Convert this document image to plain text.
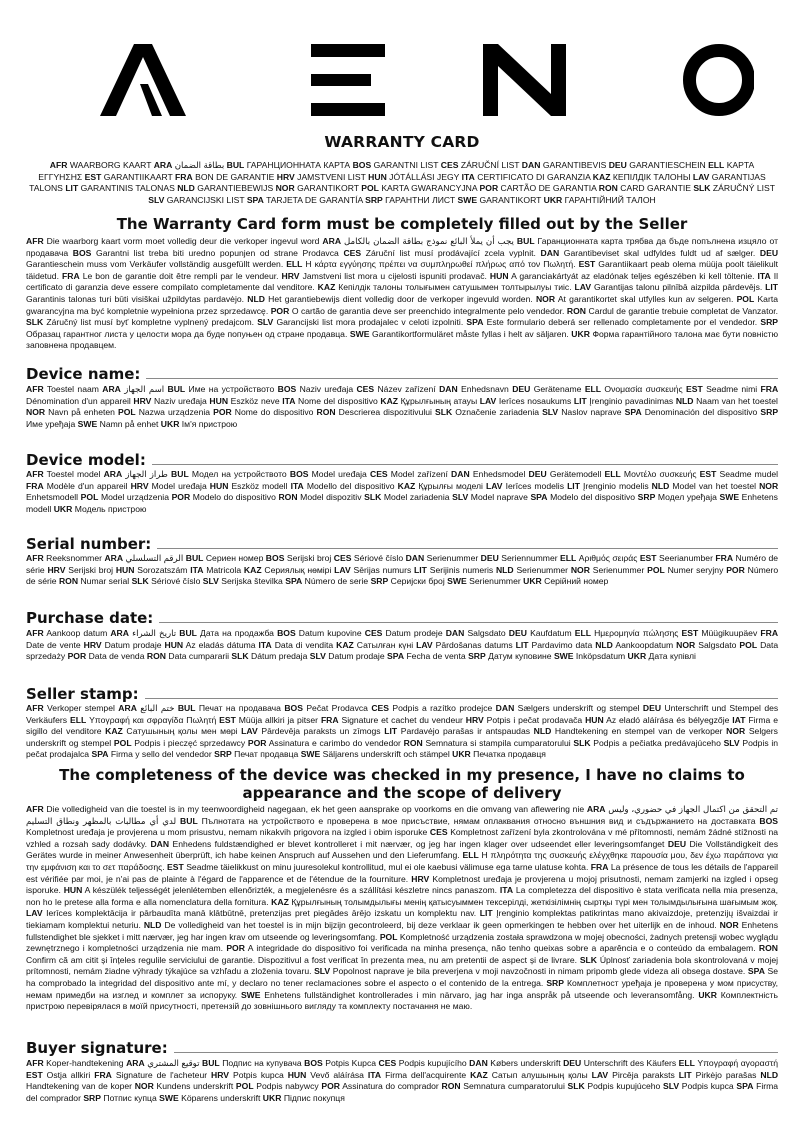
WARRANTY CARD
AFR WAARBORG KAART ARA بطاقة الضمان BUL ГАРАНЦИОННАТА КАРТА BOS GARANTNI LIST CES ZÁRUČNÍ LIST DAN GARANTIBEVIS DEU GARANTIESCHEIN ELL ΚΑΡΤΑ ΕΓΓΥΗΣΗΣ EST GARANTIIKAART FRA BON DE GARANTIE HRV JAMSTVENI LIST HUN JÓTÁLLÁSI JEGY ITA CERTIFICATO DI GARANZIA KAZ КЕПІЛДІК ТАЛОНЫ LAV GARANTIJAS TALONS LIT GARANTINIS TALONAS NLD GARANTIEBEWIJS NOR GARANTIKORT POL KARTA GWARANCYJNA POR CARTÃO DE GARANTIA RON CARD GARANTIE SLK ZÁRUČNÝ LIST SLV GARANCIJSKI LIST SPA TARJETA DE GARANTÍA SRP ГАРАНТНИ ЛИСТ SWE GARANTIKORT UKR ГАРАНТІЙНИЙ ТАЛОН
The Warranty Card form must be completely filled out by the Seller
AFR Die waarborg kaart vorm moet volledig deur die verkoper ingevul word ARA يجب أن يملأ البائع نموذج بطاقة الضمان بالكامل BUL Гаранционната карта трябва да бъде попълнена изцяло от продавача BOS Garantni list treba biti uredno popunjen od strane Prodavca CES Záruční list musí prodávající zcela vyplnit. DAN Garantibeviset skal udfyldes fuldt ud af sælger. DEU Garantieschein muss vom Verkäufer vollständig ausgefüllt werden. ELL Η κάρτα εγγύησης πρέπει να συμπληρωθεί πλήρως από τον Πωλητή. EST Garantiikaart peab olema müüja poolt täielikult täidetud. FRA Le bon de garantie doit être rempli par le vendeur. HRV Jamstveni list mora u cijelosti ispuniti prodavač. HUN A garanciakártyát az eladónak teljes egészében ki kell töltenie. ITA Il certificato di garanzia deve essere compilato completamente dal venditore. KAZ Кепілдік талоны толығымен сатушымен толтырылуы тиіс. LAV Garantijas talonu pilnībā aizpilda pārdevējs. LIT Garantinis talonas turi būti visiškai užpildytas pardavėjo. NLD Het garantiebewijs dient volledig door de verkoper ingevuld worden. NOR At garantikortet skal utfylles kun av selgeren. POL Karta gwarancyjna ma być kompletnie wypełniona przez sprzedawcę. POR O cartão de garantia deve ser preenchido integralmente pelo vendedor. RON Cardul de garantie trebuie completat de Vanzator. SLK Záručný list musí byť kompletne vyplnený predajcom. SLV Garancijski list mora prodajalec v celoti izpolniti. SPA Este formulario deberá ser rellenado completamente por el vendedor. SRP Образац гарантног листа у целости мора да буде попуњен од стране продавца. SWE Garantikortformuläret måste fyllas i helt av säljaren. UKR Форма гарантійного талона має бути повністю заповнена продавцем.
Device name:
AFR Toestel naam ARA اسم الجهاز BUL Име на устройството BOS Naziv uređaja CES Název zařízení DAN Enhedsnavn DEU Gerätename ELL Ονομασία συσκευής EST Seadme nimi FRA Dénomination d'un appareil HRV Naziv uređaja HUN Eszköz neve ITA Nome del dispositivo KAZ Құрылғының атауы LAV Ierīces nosaukums LIT Įrenginio pavadinimas NLD Naam van het toestel NOR Navn på enheten POL Nazwa urządzenia POR Nome do dispositivo RON Descrierea dispozitivului SLK Označenie zariadenia SLV Naslov naprave SPA Denominación del dispositivo SRP Име уређаја SWE Namn på enhet UKR Ім'я пристрою
Device model:
AFR Toestel model ARA طراز الجهاز BUL Модел на устройството BOS Model uređaja CES Model zařízení DAN Enhedsmodel DEU Gerätemodell ELL Μοντέλο συσκευής EST Seadme mudel FRA Modèle d'un appareil HRV Model uređaja HUN Eszköz modell ITA Modello del dispositivo KAZ Құрылғы моделі LAV Ierīces modelis LIT Įrenginio modelis NLD Model van het toestel NOR Enhetsmodell POL Model urządzenia POR Modelo do dispositivo RON Model dispozitiv SLK Model zariadenia SLV Model naprave SPA Modelo del dispositivo SRP Модел уређаја SWE Enhetens modell UKR Модель пристрою
Serial number:
AFR Reeksnommer ARA الرقم التسلسلي BUL Сериен номер BOS Serijski broj CES Sériové číslo DAN Serienummer DEU Seriennummer ELL Αριθμός σειράς EST Seerianumber FRA Numéro de série HRV Serijski broj HUN Sorozatszám ITA Matricola KAZ Сериялық нөмірі LAV Sērijas numurs LIT Serijinis numeris NLD Serienummer NOR Serienummer POL Numer seryjny POR Número de série RON Numar serial SLK Sériové číslo SLV Serijska številka SPA Número de serie SRP Серијски број SWE Serienummer UKR Серійний номер
Purchase date:
AFR Aankoop datum ARA تاريخ الشراء BUL Дата на продажба BOS Datum kupovine CES Datum prodeje DAN Salgsdato DEU Kaufdatum ELL Ημερομηνία πώλησης EST Müügikuupäev FRA Date de vente HRV Datum prodaje HUN Az eladás dátuma ITA Data di vendita KAZ Сатылған күні LAV Pārdošanas datums LIT Pardavimo data NLD Aankoopdatum NOR Salgsdato POL Data sprzedaży POR Data de venda RON Data cumpararii SLK Dátum predaja SLV Datum prodaje SPA Fecha de venta SRP Датум куповине SWE Inköpsdatum UKR Дата купівлі
Seller stamp:
AFR Verkoper stempel ARA ختم البائع BUL Печат на продавача BOS Pečat Prodavca CES Podpis a razítko prodejce DAN Sælgers underskrift og stempel DEU Unterschrift und Stempel des Verkäufers ELL Υπογραφή και σφραγίδα Πωλητή EST Müüja allkiri ja pitser FRA Signature et cachet du vendeur HRV Potpis i pečat prodavača HUN Az eladó aláírása és bélyegzője IAT Firma e sigillo del venditore KAZ Сатушының қолы мен мөрі LAV Pārdevēja paraksts un zīmogs LIT Pardavėjo parašas ir antspaudas NLD Handtekening en stempel van de verkoper NOR Selgers underskrift og stempel POL Podpis i pieczęć sprzedawcy POR Assinatura e carimbo do vendedor RON Semnatura si stampila cumparatorului SLK Podpis a pečiatka predávajúceho SLV Podpis in pečat prodajalca SPA Firma y sello del vendedor SRP Печат продавца SWE Säljarens underskrift och stämpel UKR Печатка продавця
The completeness of the device was checked in my presence, I have no claims to appearance and the scope of delivery
AFR Die volledigheid van die toestel is in my teenwoordigheid nagegaan, ek het geen aansprake op voorkoms en die omvang van aflewering nie ARA تم التحقق من اكتمال الجهاز في حضوري، وليس لدي أي مطالبات بالمظهر ونطاق التسليم BUL Пълнотата на устройството е проверена в мое присъствие, нямам оплаквания относно външния вид и съдържанието на доставката BOS Kompletnost uređaja je provjerena u mom prisustvu, nemam nikakvih prigovora na izgled i obim isporuke CES Kompletnost zařízení byla zkontrolována v mé přítomnosti, nemám žádné stížnosti na vzhled a rozsah sady dodávky. DAN Enhedens fuldstændighed er blevet kontrolleret i mit nærvær, og jeg har ingen klager over udseendet eller leveringsomfanget DEU Die Vollständigkeit des Gerätes wurde in meiner Anwesenheit überprüft, ich habe keinen Anspruch auf Aussehen und den Lieferumfang. ELL Η πληρότητα της συσκευής ελέγχθηκε παρουσία μου, δεν έχω παράπονα για την εμφάνιση και το σετ παράδοσης. EST Seadme täielikkust on minu juuresolekul kontrollitud, mul ei ole kaebusi välimuse ega tarne ulatuse kohta. FRA La présence de tous les détails de l'appareil est vérifiée par moi, je n'ai pas de plainte à l'égard de l'apparence et de l'étendue de la fourniture. HRV Kompletnost uređaja je provjerena u mojoj prisutnosti, nemam zamjerki na izgled i opseg isporuke. HUN A készülék teljességét jelenlétemben ellenőrizték, a megjelenésre és a szállítási készletre nincs panaszom. ITA La completezza del dispositivo è stata verificata nella mia presenza, non ho le pretese alla forma e alla nomenclatura della fornitura. KAZ Құрылғының толымдылығы менің қатысуыммен тексерілді, жеткізілімнің сыртқы түрі мен толымдылығына шағымым жоқ. LAV Ierīces komplektācija ir pārbaudīta manā klātbūtnē, pretenzijas pret piegādes ārējo izskatu un komplektu nav. LIT Įrenginio komplektas patikrintas mano akivaizdoje, pretenzijų išvaizdai ir tiekiamam komplektui neturiu. NLD De volledigheid van het toestel is in mijn bijzijn gecontroleerd, bij deze verklaar ik geen opmerkingen te hebben over het uiterlijk en de inhoud. NOR Enhetens fullstendighet ble sjekket i mitt nærvær, jeg har ingen krav om utseende og leveringsomfang. POL Kompletność urządzenia została sprawdzona w mojej obecności, żadnych pretensji wobec wyglądu zewnętrznego i kompletności urządzenia nie mam. POR A integridade do dispositivo foi verificada na minha presença, não tenho queixas sobre a aparência e o conteúdo da embalagem. RON Confirm că am citit și înțeles regulile serviciului de garantie. Dispozitivul a fost verificat în prezenta mea, nu am pretentii de aspect și de livrare. SLK Úplnosť zariadenia bola skontrolovaná v mojej prítomnosti, nemám žiadne výhrady týkajúce sa vzhľadu a zloženia tovaru. SLV Popolnost naprave je bila preverjena v moji navzočnosti in nimam pripomb glede videza ali obsega dostave. SPA Se ha comprobado la integridad del dispositivo ante mí, y declaro no tener reclamaciones sobre el aspecto o el contenido de la entrega. SRP Комплетност уређаја је проверена у мом присуству, немам примедби на изглед и комплет за испоруку. SWE Enhetens fullständighet kontrollerades i min närvaro, jag har inga anspråk på utseende och leveransomfång. UKR Комплектність пристрою перевірялася в моїй присутності, претензій до зовнішнього вигляду та комплекту постачання не маю.
Buyer signature:
AFR Koper-handtekening ARA توقيع المشتري BUL Подпис на купувача BOS Potpis Kupca CES Podpis kupujícího DAN Købers underskrift DEU Unterschrift des Käufers ELL Υπογραφή αγοραστή EST Ostja allkiri FRA Signature de l'acheteur HRV Potpis kupca HUN Vevő aláírása ITA Firma dell'acquirente KAZ Сатып алушының қолы LAV Pircēja paraksts LIT Pirkėjo parašas NLD Handtekening van de koper NOR Kundens underskrift POL Podpis nabywcy POR Assinatura do comprador RON Semnatura cumparatorului SLK Podpis kupujúceho SLV Podpis kupca SPA Firma del comprador SRP Потпис купца SWE Köparens underskrift UKR Підпис покупця
